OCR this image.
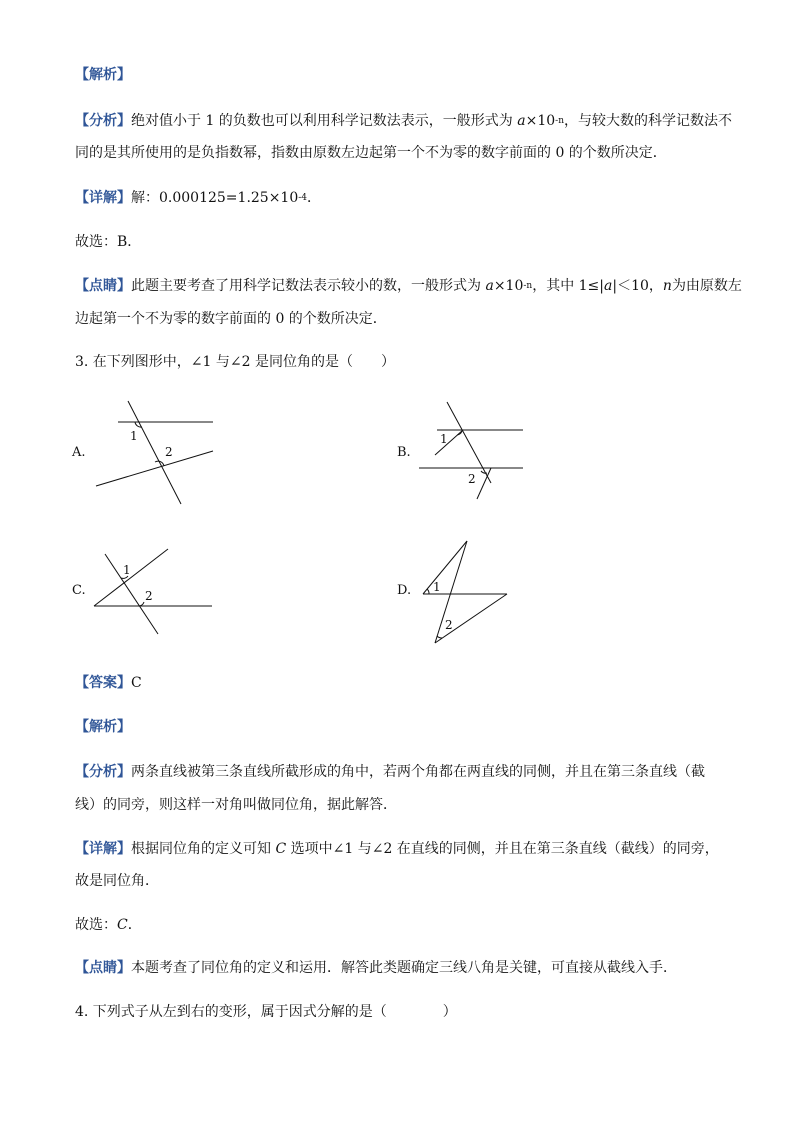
【解析】
【分析】绝对值小于 1 的负数也可以利用科学记数法表示，一般形式为 $a\times 10^{-n}$，与较大数的科学记数法不
同的是其所使用的是负指数幂，指数由原数左边起第一个不为零的数字前面的 0 的个数所决定．
【详解】解：$0.000125=1.25\times 10^{-4}$．
故选：B．
【点睛】此题主要考查了用科学记数法表示较小的数，一般形式为 $a\times 10^{-n}$，其中 1≤|a|＜10，n为由原数左
边起第一个不为零的数字前面的 0 的个数所决定．
3. 在下列图形中，∠1 与∠2 是同位角的是（　　）
A.
1
2	B.
1
2
C.
1
2	D. 1
2
【答案】C
【解析】
【分析】两条直线被第三条直线所截形成的角中，若两个角都在两直线的同侧，并且在第三条直线（截
线）的同旁，则这样一对角叫做同位角，据此解答．
【详解】根据同位角的定义可知 C 选项中∠1 与∠2 在直线的同侧，并且在第三条直线（截线）的同旁，
故是同位角．
故选：C．
【点睛】本题考查了同位角的定义和运用．解答此类题确定三线八角是关键，可直接从截线入手．
4. 下列式子从左到右的变形，属于因式分解的是（　　　　）
